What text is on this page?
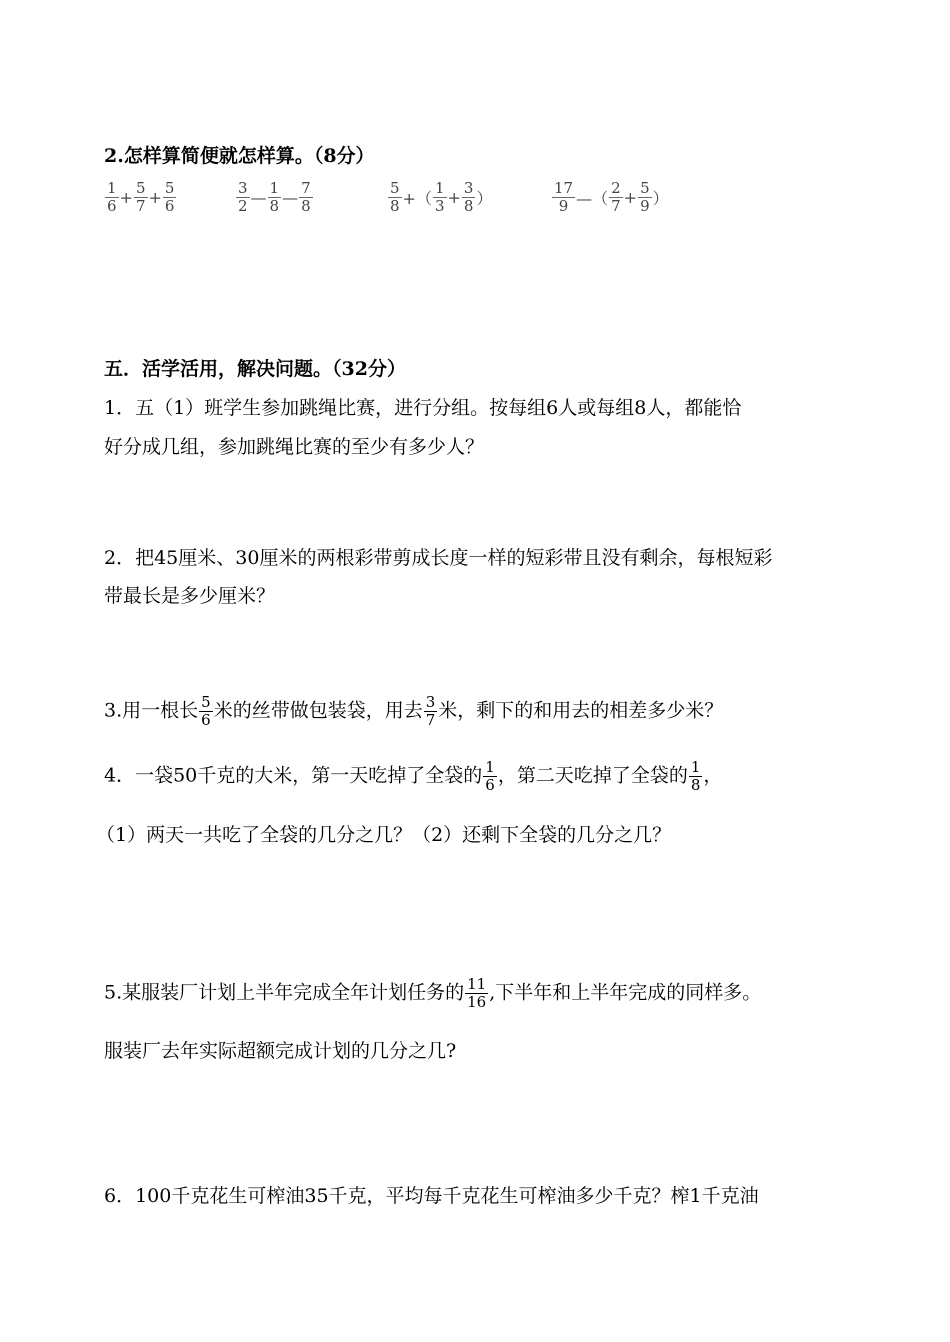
2.怎样算简便就怎样算。（8分）
$\frac{1}{6} + \frac{5}{7} + \frac{5}{6}$	$\frac{3}{2}$ — $\frac{1}{8}$ — $\frac{7}{8}$	$\frac{5}{8}$ +（ $\frac{1}{3} + \frac{3}{8}$ ）	$\frac{17}{9}$ —（ $\frac{2}{7} + \frac{5}{9}$ ）
五．活学活用，解决问题。（32分）
1．五（1）班学生参加跳绳比赛，进行分组。按每组6人或每组8人，都能恰
好分成几组，参加跳绳比赛的至少有多少人？
2．把45厘米、30厘米的两根彩带剪成长度一样的短彩带且没有剩余，每根短彩
带最长是多少厘米？
3.用一根长 $\frac{5}{6}$ 米的丝带做包装袋，用去 $\frac{3}{7}$ 米，剩下的和用去的相差多少米？
4．一袋50千克的大米，第一天吃掉了全袋的 $\frac{1}{6}$ ，第二天吃掉了全袋的 $\frac{1}{8}$ ，
（1）两天一共吃了全袋的几分之几？（2）还剩下全袋的几分之几？
5.某服装厂计划上半年完成全年计划任务的 $\frac{11}{16}$ ,下半年和上半年完成的同样多。
服装厂去年实际超额完成计划的几分之几?
6．100千克花生可榨油35千克，平均每千克花生可榨油多少千克？榨1千克油
